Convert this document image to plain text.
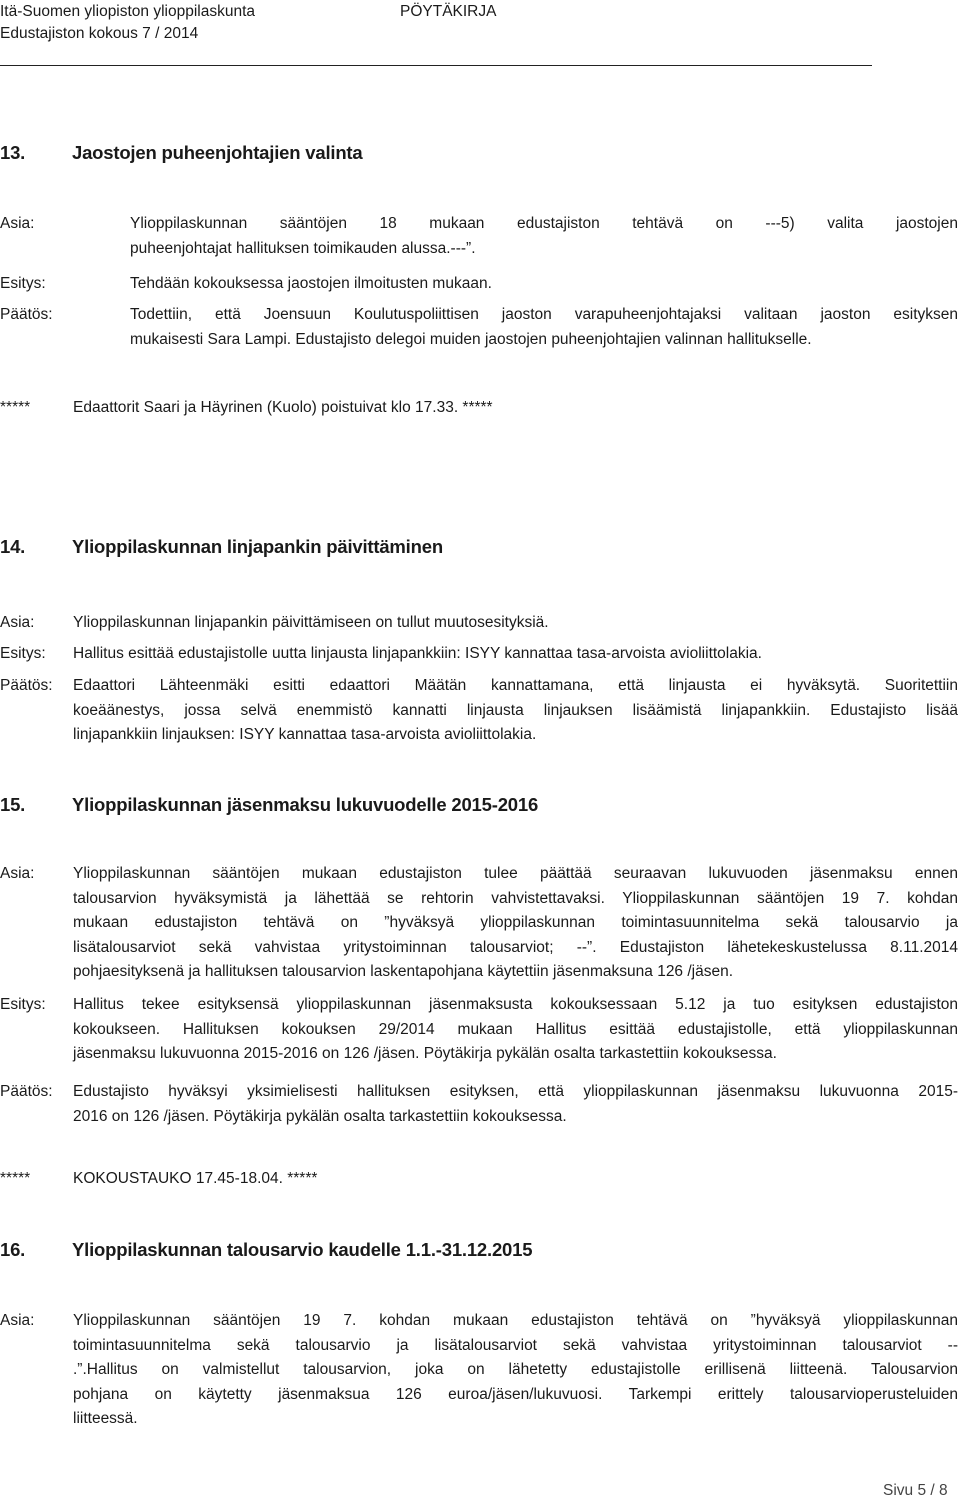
Itä-Suomen yliopiston ylioppilaskunta	PÖYTÄKIRJA
Edustajiston kokous 7 / 2014
13.	Jaostojen puheenjohtajien valinta
Asia:	Ylioppilaskunnan sääntöjen 18 mukaan edustajiston tehtävä on ---5) valita jaostojen
puheenjohtajat hallituksen toimikauden alussa.---”.
Esitys:	Tehdään kokouksessa jaostojen ilmoitusten mukaan.
Päätös:	Todettiin, että Joensuun Koulutuspoliittisen jaoston varapuheenjohtajaksi valitaan jaoston esityksen
mukaisesti Sara Lampi. Edustajisto delegoi muiden jaostojen puheenjohtajien valinnan hallitukselle.
*****	Edaattorit Saari ja Häyrinen (Kuolo) poistuivat klo 17.33. *****
14.	Ylioppilaskunnan linjapankin päivittäminen
Asia: Ylioppilaskunnan linjapankin päivittämiseen on tullut muutosesityksiä.
Esitys: Hallitus esittää edustajistolle uutta linjausta linjapankkiin: ISYY kannattaa tasa-arvoista avioliittolakia.
Päätös: Edaattori Lähteenmäki esitti edaattori Määtän kannattamana, että linjausta ei hyväksytä. Suoritettiin
koeäänestys, jossa selvä enemmistö kannatti linjausta linjauksen lisäämistä linjapankkiin. Edustajisto lisää
linjapankkiin linjauksen: ISYY kannattaa tasa-arvoista avioliittolakia.
15.	Ylioppilaskunnan jäsenmaksu lukuvuodelle 2015-2016
Asia: Ylioppilaskunnan sääntöjen mukaan edustajiston tulee päättää seuraavan lukuvuoden jäsenmaksu ennen
talousarvion hyväksymistä ja lähettää se rehtorin vahvistettavaksi. Ylioppilaskunnan sääntöjen 19 7. kohdan
mukaan edustajiston tehtävä on ”hyväksyä ylioppilaskunnan toimintasuunnitelma sekä talousarvio ja
lisätalousarviot sekä vahvistaa yritystoiminnan talousarviot; --”. Edustajiston lähetekeskustelussa 8.11.2014
pohjaesityksenä ja hallituksen talousarvion laskentapohjana käytettiin jäsenmaksuna 126 /jäsen.
Esitys: Hallitus tekee esityksensä ylioppilaskunnan jäsenmaksusta kokouksessaan 5.12 ja tuo esityksen edustajiston
kokoukseen. Hallituksen kokouksen 29/2014 mukaan Hallitus esittää edustajistolle, että ylioppilaskunnan
jäsenmaksu lukuvuonna 2015-2016 on 126 /jäsen. Pöytäkirja pykälän osalta tarkastettiin kokouksessa.
Päätös: Edustajisto hyväksyi yksimielisesti hallituksen esityksen, että ylioppilaskunnan jäsenmaksu lukuvuonna 2015-
2016 on 126 /jäsen. Pöytäkirja pykälän osalta tarkastettiin kokouksessa.
*****	KOKOUSTAUKO 17.45-18.04. *****
16.	Ylioppilaskunnan talousarvio kaudelle 1.1.-31.12.2015
Asia: Ylioppilaskunnan sääntöjen 19 7. kohdan mukaan edustajiston tehtävä on ”hyväksyä ylioppilaskunnan
toimintasuunnitelma sekä talousarvio ja lisätalousarviot sekä vahvistaa yritystoiminnan talousarviot --
.”.Hallitus on valmistellut talousarvion, joka on lähetetty edustajistolle erillisenä liitteenä. Talousarvion
pohjana on käytetty jäsenmaksua 126 euroa/jäsen/lukuvuosi. Tarkempi erittely talousarvioperusteluiden
liitteessä.
Sivu 5 / 8
